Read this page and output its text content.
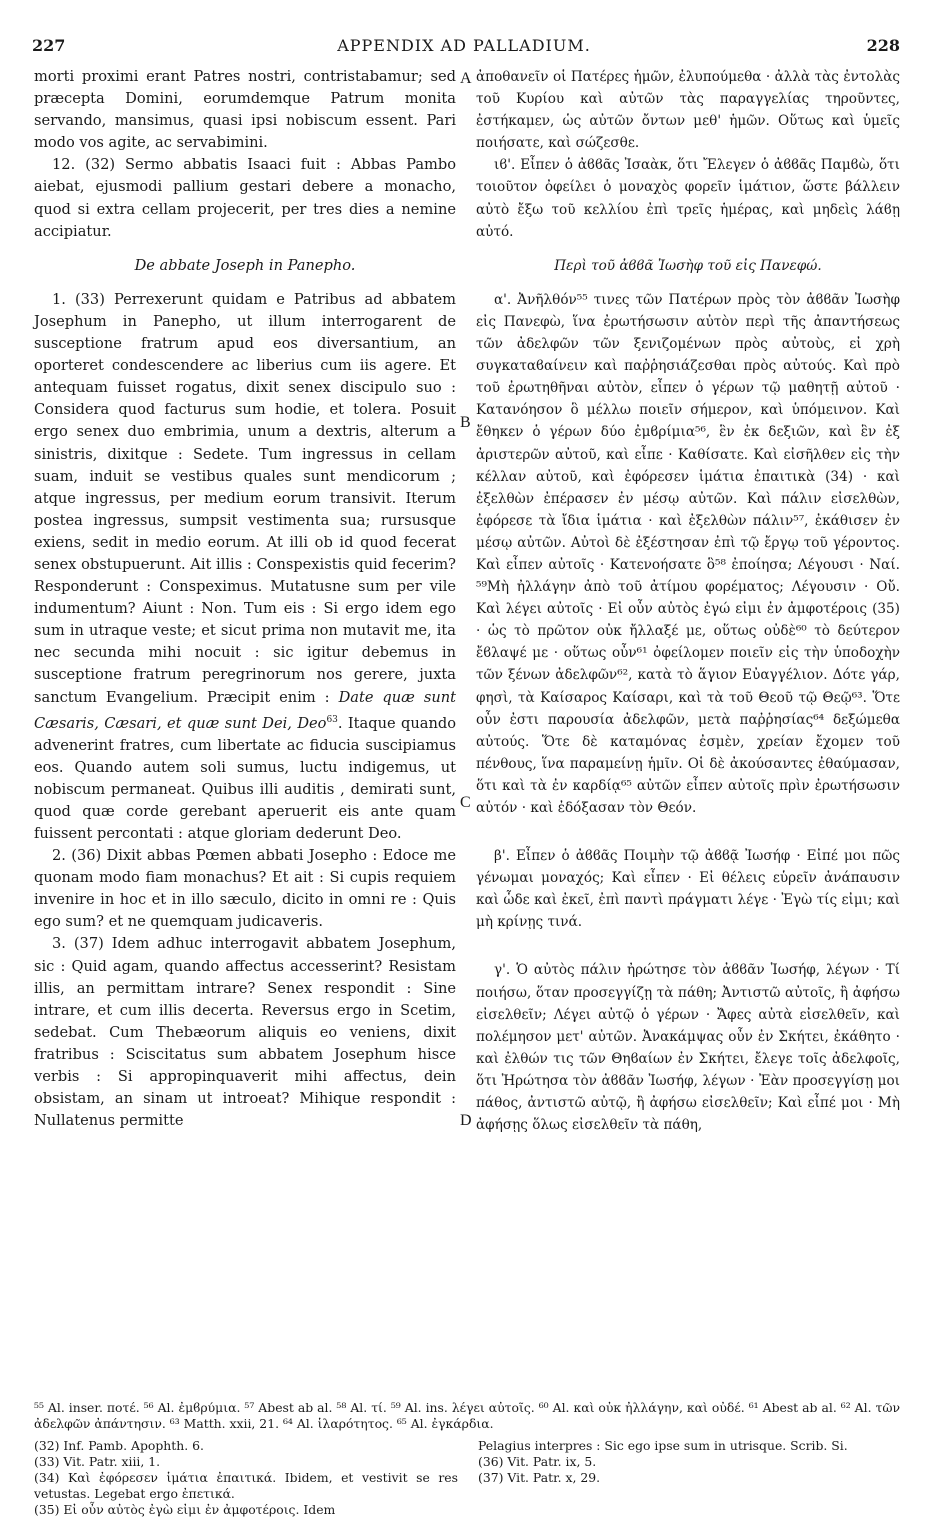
227	APPENDIX AD PALLADIUM.	228
A
B
C
D

morti proximi erant Patres nostri, contristabamur; sed præcepta Domini, eorumdemque Patrum monita servando, mansimus, quasi ipsi nobiscum essent. Pari modo vos agite, ac servabimini.

12. (32) Sermo abbatis Isaaci fuit : Abbas Pambo aiebat, ejusmodi pallium gestari debere a monacho, quod si extra cellam projecerit, per tres dies a nemine accipiatur.

De abbate Joseph in Panepho.

1. (33) Perrexerunt quidam e Patribus ad abbatem Josephum in Panepho, ut illum interrogarent de susceptione fratrum apud eos diversantium, an oporteret condescendere ac liberius cum iis agere. Et antequam fuisset rogatus, dixit senex discipulo suo : Considera quod facturus sum hodie, et tolera. Posuit ergo senex duo embrimia, unum a dextris, alterum a sinistris, dixitque : Sedete. Tum ingressus in cellam suam, induit se vestibus quales sunt mendicorum ; atque ingressus, per medium eorum transivit. Iterum postea ingressus, sumpsit vestimenta sua; rursusque exiens, sedit in medio eorum. At illi ob id quod fecerat senex obstupuerunt. Ait illis : Conspexistis quid fecerim? Responderunt : Conspeximus. Mutatusne sum per vile indumentum? Aiunt : Non. Tum eis : Si ergo idem ego sum in utraque veste; et sicut prima non mutavit me, ita nec secunda mihi nocuit : sic igitur debemus in susceptione fratrum peregrinorum nos gerere, juxta sanctum Evangelium. Præcipit enim : Date quæ sunt Cæsaris, Cæsari, et quæ sunt Dei, Deo$^{63}$. Itaque quando advenerint fratres, cum libertate ac fiducia suscipiamus eos. Quando autem soli sumus, luctu indigemus, ut nobiscum permaneat. Quibus illi auditis , demirati sunt, quod quæ corde gerebant aperuerit eis ante quam fuissent percontati : atque gloriam dederunt Deo.

2. (36) Dixit abbas Pœmen abbati Josepho : Edoce me quonam modo fiam monachus? Et ait : Si cupis requiem invenire in hoc et in illo sæculo, dicito in omni re : Quis ego sum? et ne quemquam judicaveris.

3. (37) Idem adhuc interrogavit abbatem Josephum, sic : Quid agam, quando affectus accesserint? Resistam illis, an permittam intrare? Senex respondit : Sine intrare, et cum illis decerta. Reversus ergo in Scetim, sedebat. Cum Thebæorum aliquis eo veniens, dixit fratribus : Sciscitatus sum abbatem Josephum hisce verbis : Si appropinquaverit mihi affectus, dein obsistam, an sinam ut introeat? Mihique respondit : Nullatenus permitte

ἀποθανεῖν οἱ Πατέρες ἡμῶν, ἐλυπούμεθα · ἀλλὰ τὰς ἐντολὰς τοῦ Κυρίου καὶ αὐτῶν τὰς παραγγελίας τηροῦντες, ἐστήκαμεν, ὡς αὐτῶν ὄντων μεθ' ἡμῶν. Οὕτως καὶ ὑμεῖς ποιήσατε, καὶ σώζεσθε.

ιϐ'. Εἶπεν ὁ ἀϐϐᾶς Ἰσαὰκ, ὅτι Ἔλεγεν ὁ ἀϐϐᾶς Παμϐὼ, ὅτι τοιοῦτον ὀφείλει ὁ μοναχὸς φορεῖν ἱμάτιον, ὥστε βάλλειν αὐτὸ ἔξω τοῦ κελλίου ἐπὶ τρεῖς ἡμέρας, καὶ μηδεὶς λάϐῃ αὐτό.

Περὶ τοῦ ἀϐϐᾶ Ἰωσὴφ τοῦ εἰς Πανεφώ.

α'. Ἀνῆλθόν⁵⁵ τινες τῶν Πατέρων πρὸς τὸν ἀϐϐᾶν Ἰωσὴφ εἰς Πανεφὼ, ἵνα ἐρωτήσωσιν αὐτὸν περὶ τῆς ἀπαντήσεως τῶν ἀδελφῶν τῶν ξενιζομένων πρὸς αὐτοὺς, εἰ χρὴ συγκαταϐαίνειν καὶ παῤῥησιάζεσθαι πρὸς αὐτούς. Καὶ πρὸ τοῦ ἐρωτηθῆναι αὐτὸν, εἶπεν ὁ γέρων τῷ μαθητῇ αὐτοῦ · Κατανόησον ὃ μέλλω ποιεῖν σήμερον, καὶ ὑπόμεινον. Καὶ ἔθηκεν ὁ γέρων δύο ἐμϐρίμια⁵⁶, ἓν ἐκ δεξιῶν, καὶ ἓν ἐξ ἀριστερῶν αὐτοῦ, καὶ εἶπε · Καθίσατε. Καὶ εἰσῆλθεν εἰς τὴν κέλλαν αὐτοῦ, καὶ ἐφόρεσεν ἱμάτια ἐπαιτικὰ (34) · καὶ ἐξελθὼν ἐπέρασεν ἐν μέσῳ αὐτῶν. Καὶ πάλιν εἰσελθὼν, ἐφόρεσε τὰ ἴδια ἱμάτια · καὶ ἐξελθὼν πάλιν⁵⁷, ἐκάθισεν ἐν μέσῳ αὐτῶν. Αὐτοὶ δὲ ἐξέστησαν ἐπὶ τῷ ἔργῳ τοῦ γέροντος. Καὶ εἶπεν αὐτοῖς · Κατενοήσατε ὃ⁵⁸ ἐποίησα; Λέγουσι · Ναί. ⁵⁹Μὴ ἠλλάγην ἀπὸ τοῦ ἀτίμου φορέματος; Λέγουσιν · Οὔ. Καὶ λέγει αὐτοῖς · Εἰ οὖν αὐτὸς ἐγώ εἰμι ἐν ἀμφοτέροις (35) · ὡς τὸ πρῶτον οὐκ ἤλλαξέ με, οὕτως οὐδὲ⁶⁰ τὸ δεύτερον ἔϐλαψέ με · οὕτως οὖν⁶¹ ὀφείλομεν ποιεῖν εἰς τὴν ὑποδοχὴν τῶν ξένων ἀδελφῶν⁶², κατὰ τὸ ἅγιον Εὐαγγέλιον. Δότε γάρ, φησὶ, τὰ Καίσαρος Καίσαρι, καὶ τὰ τοῦ Θεοῦ τῷ Θεῷ⁶³. Ὅτε οὖν ἐστι παρουσία ἀδελφῶν, μετὰ παῤῥησίας⁶⁴ δεξώμεθα αὐτούς. Ὅτε δὲ καταμόνας ἐσμὲν, χρείαν ἔχομεν τοῦ πένθους, ἵνα παραμείνῃ ἡμῖν. Οἱ δὲ ἀκούσαντες ἐθαύμασαν, ὅτι καὶ τὰ ἐν καρδίᾳ⁶⁵ αὐτῶν εἶπεν αὐτοῖς πρὶν ἐρωτήσωσιν αὐτόν · καὶ ἐδόξασαν τὸν Θεόν.

β'. Εἶπεν ὁ ἀϐϐᾶς Ποιμὴν τῷ ἀϐϐᾷ Ἰωσήφ · Εἰπέ μοι πῶς γένωμαι μοναχός; Καὶ εἶπεν · Εἰ θέλεις εὑρεῖν ἀνάπαυσιν καὶ ὧδε καὶ ἐκεῖ, ἐπὶ παντὶ πράγματι λέγε · Ἐγὼ τίς εἰμι; καὶ μὴ κρίνῃς τινά.

γ'. Ὁ αὐτὸς πάλιν ἠρώτησε τὸν ἀϐϐᾶν Ἰωσήφ, λέγων · Τί ποιήσω, ὅταν προσεγγίζῃ τὰ πάθη; Ἀντιστῶ αὐτοῖς, ἢ ἀφήσω εἰσελθεῖν; Λέγει αὐτῷ ὁ γέρων · Ἄφες αὐτὰ εἰσελθεῖν, καὶ πολέμησον μετ' αὐτῶν. Ἀνακάμψας οὖν ἐν Σκήτει, ἐκάθητο · καὶ ἐλθών τις τῶν Θηϐαίων ἐν Σκήτει, ἔλεγε τοῖς ἀδελφοῖς, ὅτι Ἠρώτησα τὸν ἀϐϐᾶν Ἰωσήφ, λέγων · Ἐὰν προσεγγίσῃ μοι πάθος, ἀντιστῶ αὐτῷ, ἢ ἀφήσω εἰσελθεῖν; Καὶ εἶπέ μοι · Μὴ ἀφήσῃς ὅλως εἰσελθεῖν τὰ πάθη,

⁵⁵ Al. inser. ποτέ. ⁵⁶ Al. ἐμϐρύμια. ⁵⁷ Abest ab al. ⁵⁸ Al. τί. ⁵⁹ Al. ins. λέγει αὐτοῖς. ⁶⁰ Al. καὶ οὐκ ἠλλάγην, καὶ οὐδέ. ⁶¹ Abest ab al. ⁶² Al. τῶν ἀδελφῶν ἀπάντησιν. ⁶³ Matth. xxii, 21. ⁶⁴ Al. ἱλαρότητος. ⁶⁵ Al. ἐγκάρδια.

(32) Inf. Pamb. Apophth. 6.

(33) Vit. Patr. xiii, 1.

(34) Καὶ ἐφόρεσεν ἱμάτια ἐπαιτικά. Ibidem, et vestivit se res vetustas. Legebat ergo ἐπετικά.

(35) Εἰ οὖν αὐτὸς ἐγὼ εἰμι ἐν ἀμφοτέροις. Idem

Pelagius interpres : Sic ego ipse sum in utrisque. Scrib. Si.

(36) Vit. Patr. ix, 5.

(37) Vit. Patr. x, 29.
